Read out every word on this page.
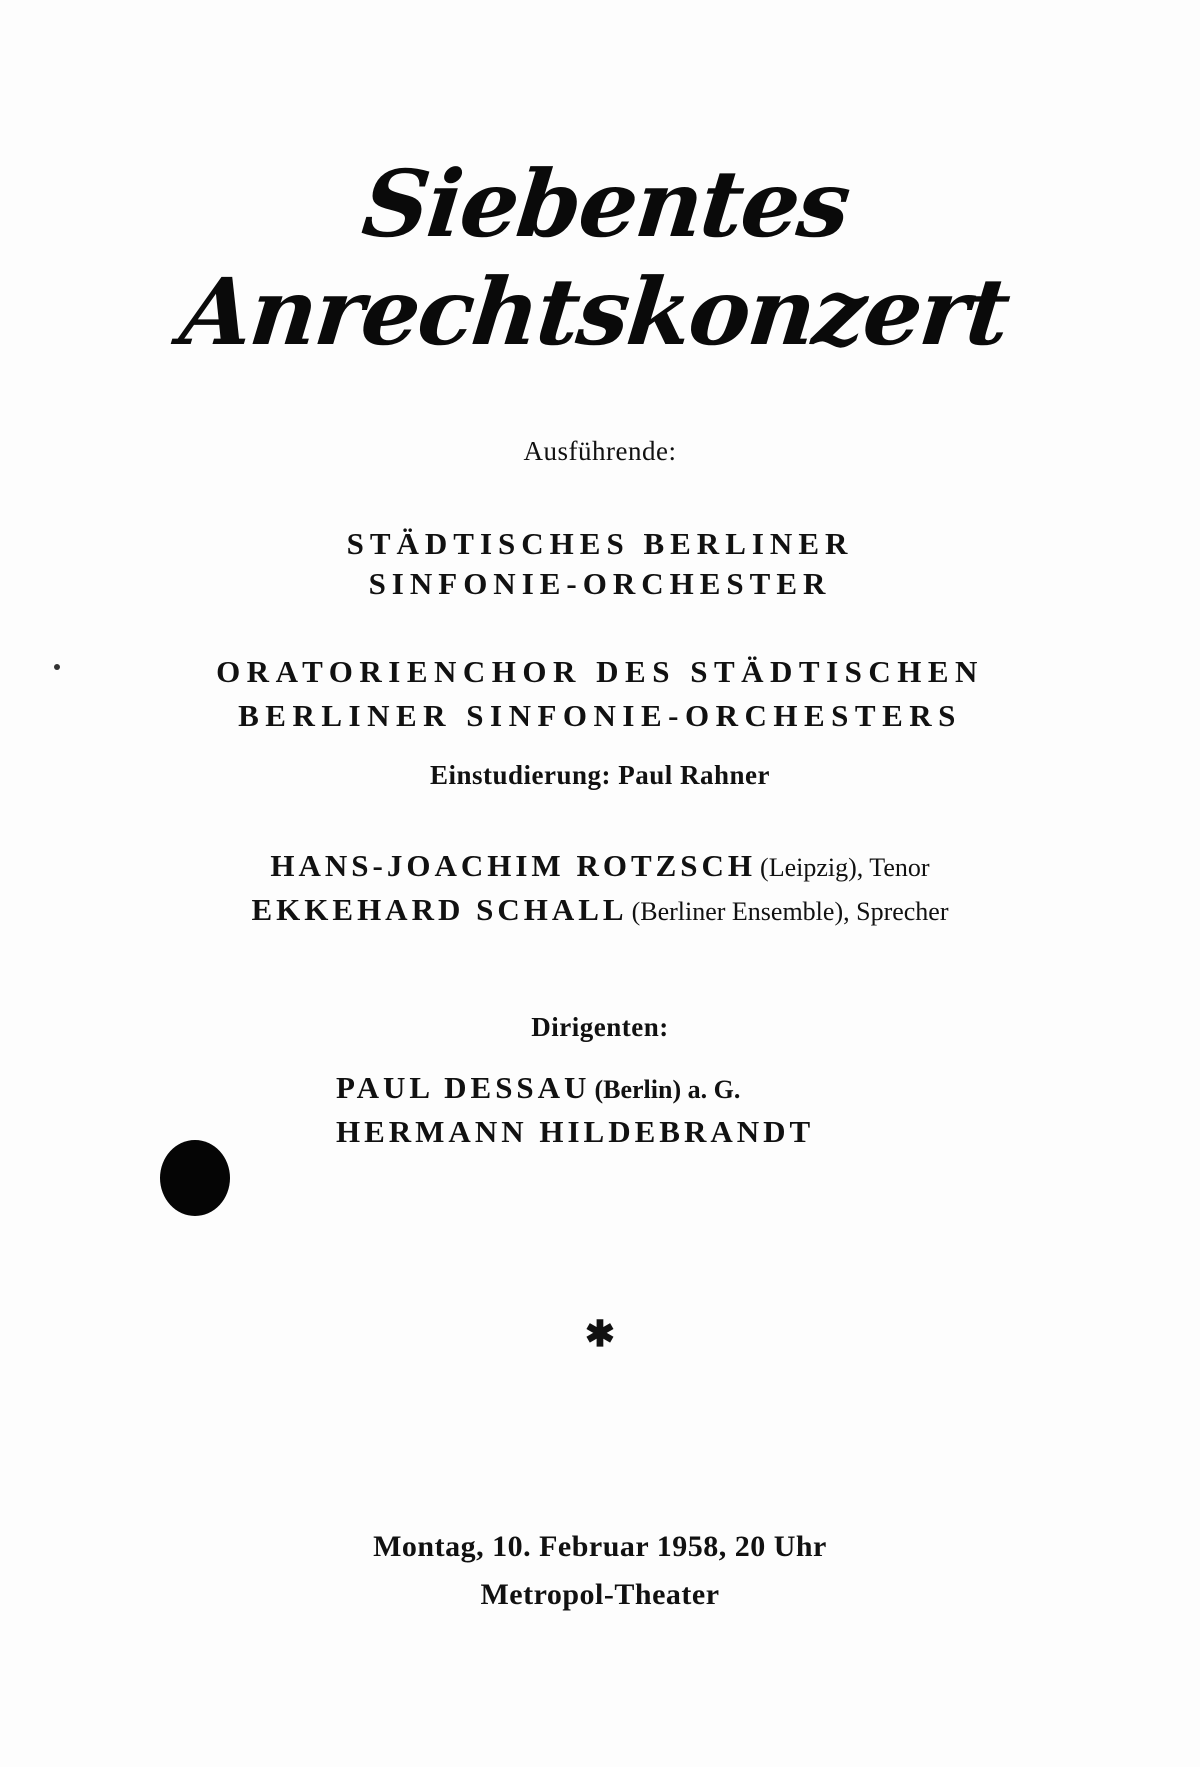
Siebentes Anrechtskonzert
Ausführende:
STÄDTISCHES BERLINER
SINFONIE-ORCHESTER
ORATORIENCHOR DES STÄDTISCHEN
BERLINER SINFONIE-ORCHESTERS
Einstudierung: Paul Rahner
HANS-JOACHIM ROTZSCH (Leipzig), Tenor
EKKEHARD SCHALL (Berliner Ensemble), Sprecher
Dirigenten:
PAUL DESSAU (Berlin) a. G.
HERMANN HILDEBRANDT
✱
Montag, 10. Februar 1958, 20 Uhr
Metropol-Theater
